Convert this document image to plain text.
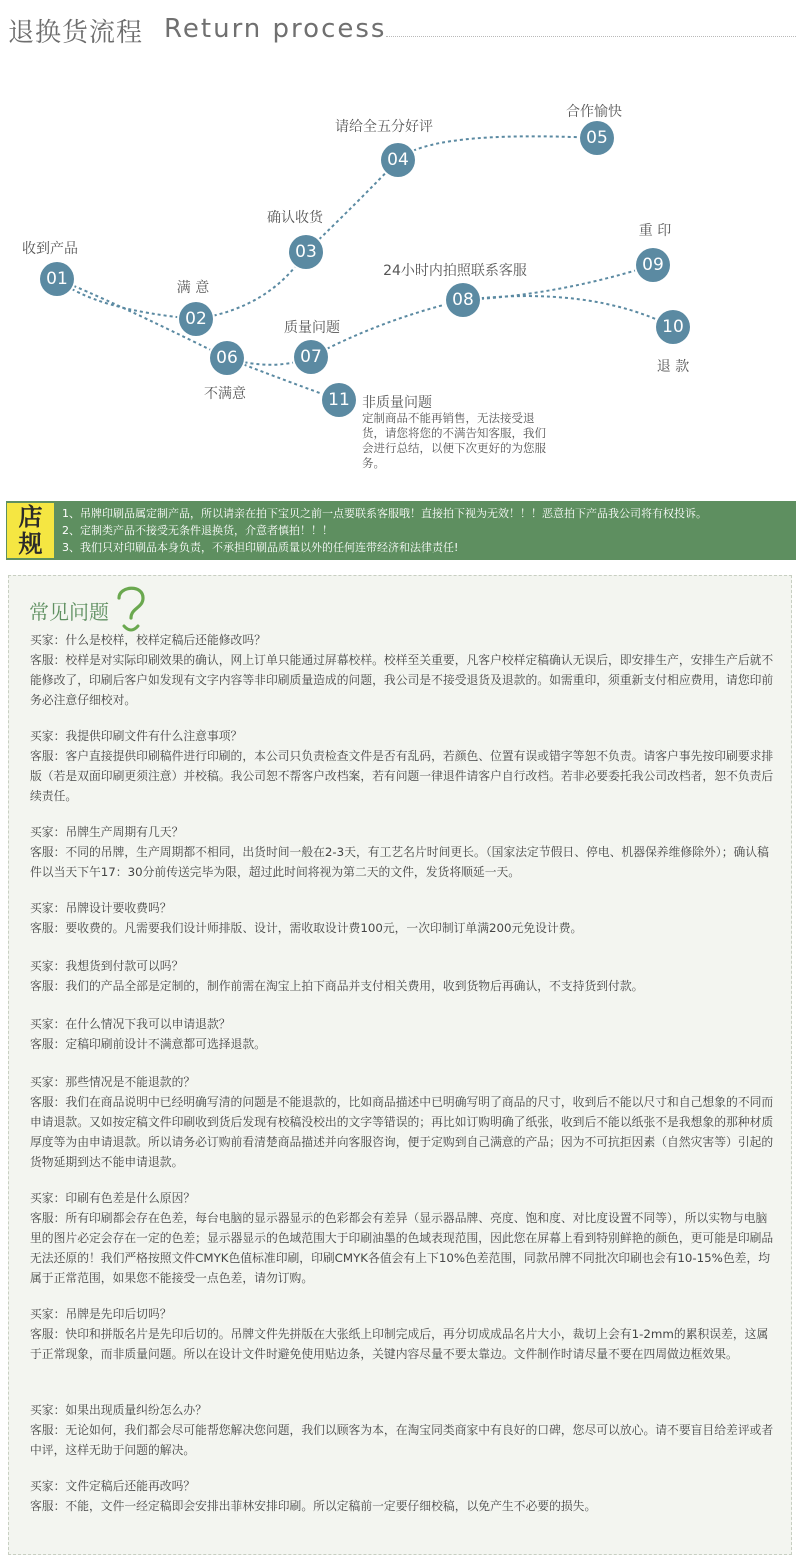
退换货流程 Return process
01
02
03
04
05
06	07
08
09
10
11
收到产品
满 意
确认收货
请给全五分好评
合作愉快
不满意
质量问题
24小时内拍照联系客服
重 印
退 款
非质量问题
定制商品不能再销售，无法接受退货，请您将您的不满告知客服，我们会进行总结，以便下次更好的为您服务。
店
规
1、吊牌印刷品属定制产品，所以请亲在拍下宝贝之前一点要联系客服哦！直接拍下视为无效！！！恶意拍下产品我公司将有权投诉。
2、定制类产品不接受无条件退换货，介意者慎拍！！！
3、我们只对印刷品本身负责，不承担印刷品质量以外的任何连带经济和法律责任!
常见问题

买家：什么是校样，校样定稿后还能修改吗？

客服：校样是对实际印刷效果的确认，网上订单只能通过屏幕校样。校样至关重要，凡客户校样定稿确认无误后，即安排生产，安排生产后就不能修改了，印刷后客户如发现有文字内容等非印刷质量造成的问题，我公司是不接受退货及退款的。如需重印，须重新支付相应费用，请您印前务必注意仔细校对。

买家：我提供印刷文件有什么注意事项？

客服：客户直接提供印刷稿件进行印刷的，本公司只负责检查文件是否有乱码，若颜色、位置有误或错字等恕不负责。请客户事先按印刷要求排版（若是双面印刷更须注意）并校稿。我公司恕不帮客户改档案，若有问题一律退件请客户自行改档。若非必要委托我公司改档者，恕不负责后续责任。

买家：吊牌生产周期有几天？

客服：不同的吊牌，生产周期都不相同，出货时间一般在2-3天，有工艺名片时间更长。（国家法定节假日、停电、机器保养维修除外）；确认稿件以当天下午17：30分前传送完毕为限，超过此时间将视为第二天的文件，发货将顺延一天。

买家：吊牌设计要收费吗？

客服：要收费的。凡需要我们设计师排版、设计，需收取设计费100元，一次印制订单满200元免设计费。

买家：我想货到付款可以吗？

客服：我们的产品全部是定制的，制作前需在淘宝上拍下商品并支付相关费用，收到货物后再确认，不支持货到付款。

买家：在什么情况下我可以申请退款？

客服：定稿印刷前设计不满意都可选择退款。

买家：那些情况是不能退款的？

客服：我们在商品说明中已经明确写清的问题是不能退款的，比如商品描述中已明确写明了商品的尺寸，收到后不能以尺寸和自己想象的不同而申请退款。又如按定稿文件印刷收到货后发现有校稿没校出的文字等错误的；再比如订购明确了纸张，收到后不能以纸张不是我想象的那种材质厚度等为由申请退款。所以请务必订购前看清楚商品描述并向客服咨询，便于定购到自己满意的产品；因为不可抗拒因素（自然灾害等）引起的货物延期到达不能申请退款。

买家：印刷有色差是什么原因？

客服：所有印刷都会存在色差，每台电脑的显示器显示的色彩都会有差异（显示器品牌、亮度、饱和度、对比度设置不同等），所以实物与电脑里的图片必定会存在一定的色差；显示器显示的色域范围大于印刷油墨的色域表现范围，因此您在屏幕上看到特别鲜艳的颜色，更可能是印刷品无法还原的！我们严格按照文件CMYK色值标准印刷，印刷CMYK各值会有上下10%色差范围，同款吊牌不同批次印刷也会有10-15%色差，均属于正常范围，如果您不能接受一点色差，请勿订购。

买家：吊牌是先印后切吗？

客服：快印和拼版名片是先印后切的。吊牌文件先拼版在大张纸上印制完成后，再分切成成品名片大小，裁切上会有1-2mm的累积误差，这属于正常现象，而非质量问题。所以在设计文件时避免使用贴边条，关键内容尽量不要太靠边。文件制作时请尽量不要在四周做边框效果。

买家：如果出现质量纠纷怎么办？

客服：无论如何，我们都会尽可能帮您解决您问题，我们以顾客为本，在淘宝同类商家中有良好的口碑，您尽可以放心。请不要盲目给差评或者中评，这样无助于问题的解决。

买家：文件定稿后还能再改吗？

客服：不能，文件一经定稿即会安排出菲林安排印刷。所以定稿前一定要仔细校稿，以免产生不必要的损失。
